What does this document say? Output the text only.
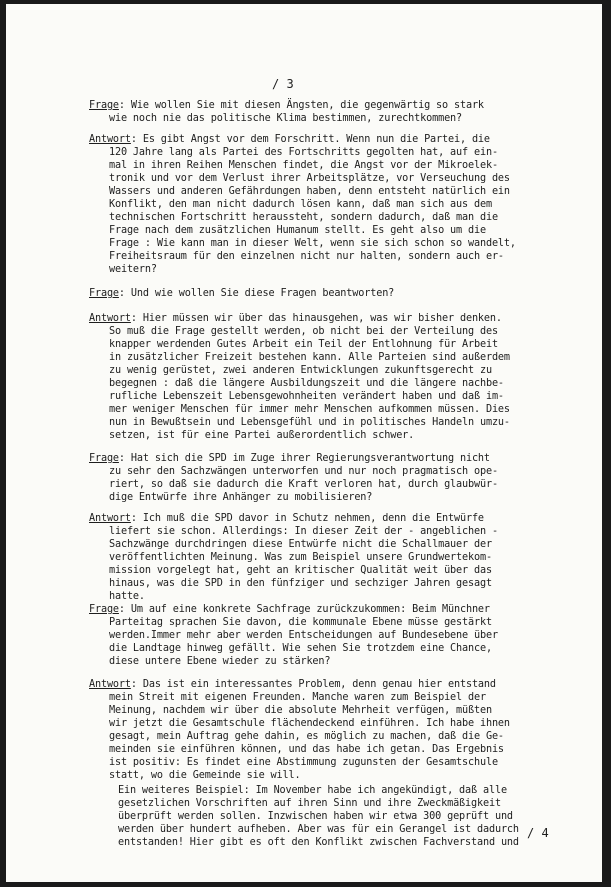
/ 3
Frage: Wie wollen Sie mit diesen Ängsten, die gegenwärtig so stark
wie noch nie das politische Klima bestimmen, zurechtkommen?
Antwort: Es gibt Angst vor dem Forschritt. Wenn nun die Partei, die
120 Jahre lang als Partei des Fortschritts gegolten hat, auf ein-
mal in ihren Reihen Menschen findet, die Angst vor der Mikroelek-
tronik und vor dem Verlust ihrer Arbeitsplätze, vor Verseuchung des
Wassers und anderen Gefährdungen haben, denn entsteht natürlich ein
Konflikt, den man nicht dadurch lösen kann, daß man sich aus dem
technischen Fortschritt heraussteht, sondern dadurch, daß man die
Frage nach dem zusätzlichen Humanum stellt. Es geht also um die
Frage : Wie kann man in dieser Welt, wenn sie sich schon so wandelt,
Freiheitsraum für den einzelnen nicht nur halten, sondern auch er-
weitern?
Frage: Und wie wollen Sie diese Fragen beantworten?
Antwort: Hier müssen wir über das hinausgehen, was wir bisher denken.
So muß die Frage gestellt werden, ob nicht bei der Verteilung des
knapper werdenden Gutes Arbeit ein Teil der Entlohnung für Arbeit
in zusätzlicher Freizeit bestehen kann. Alle Parteien sind außerdem
zu wenig gerüstet, zwei anderen Entwicklungen zukunftsgerecht zu
begegnen : daß die längere Ausbildungszeit und die längere nachbe-
rufliche Lebenszeit Lebensgewohnheiten verändert haben und daß im-
mer weniger Menschen für immer mehr Menschen aufkommen müssen. Dies
nun in Bewußtsein und Lebensgefühl und in politisches Handeln umzu-
setzen, ist für eine Partei außerordentlich schwer.
Frage: Hat sich die SPD im Zuge ihrer Regierungsverantwortung nicht
zu sehr den Sachzwängen unterworfen und nur noch pragmatisch ope-
riert, so daß sie dadurch die Kraft verloren hat, durch glaubwür-
dige Entwürfe ihre Anhänger zu mobilisieren?
Antwort: Ich muß die SPD davor in Schutz nehmen, denn die Entwürfe
liefert sie schon. Allerdings: In dieser Zeit der - angeblichen -
Sachzwänge durchdringen diese Entwürfe nicht die Schallmauer der
veröffentlichten Meinung. Was zum Beispiel unsere Grundwertekom-
mission vorgelegt hat, geht an kritischer Qualität weit über das
hinaus, was die SPD in den fünfziger und sechziger Jahren gesagt
hatte.
Frage: Um auf eine konkrete Sachfrage zurückzukommen: Beim Münchner
Parteitag sprachen Sie davon, die kommunale Ebene müsse gestärkt
werden.Immer mehr aber werden Entscheidungen auf Bundesebene über
die Landtage hinweg gefällt. Wie sehen Sie trotzdem eine Chance,
diese untere Ebene wieder zu stärken?
Antwort: Das ist ein interessantes Problem, denn genau hier entstand
mein Streit mit eigenen Freunden. Manche waren zum Beispiel der
Meinung, nachdem wir über die absolute Mehrheit verfügen, müßten
wir jetzt die Gesamtschule flächendeckend einführen. Ich habe ihnen
gesagt, mein Auftrag gehe dahin, es möglich zu machen, daß die Ge-
meinden sie einführen können, und das habe ich getan. Das Ergebnis
ist positiv: Es findet eine Abstimmung zugunsten der Gesamtschule
statt, wo die Gemeinde sie will.
Ein weiteres Beispiel: Im November habe ich angekündigt, daß alle
gesetzlichen Vorschriften auf ihren Sinn und ihre Zweckmäßigkeit
überprüft werden sollen. Inzwischen haben wir etwa 300 geprüft und
werden über hundert aufheben. Aber was für ein Gerangel ist dadurch
entstanden! Hier gibt es oft den Konflikt zwischen Fachverstand und
/ 4
